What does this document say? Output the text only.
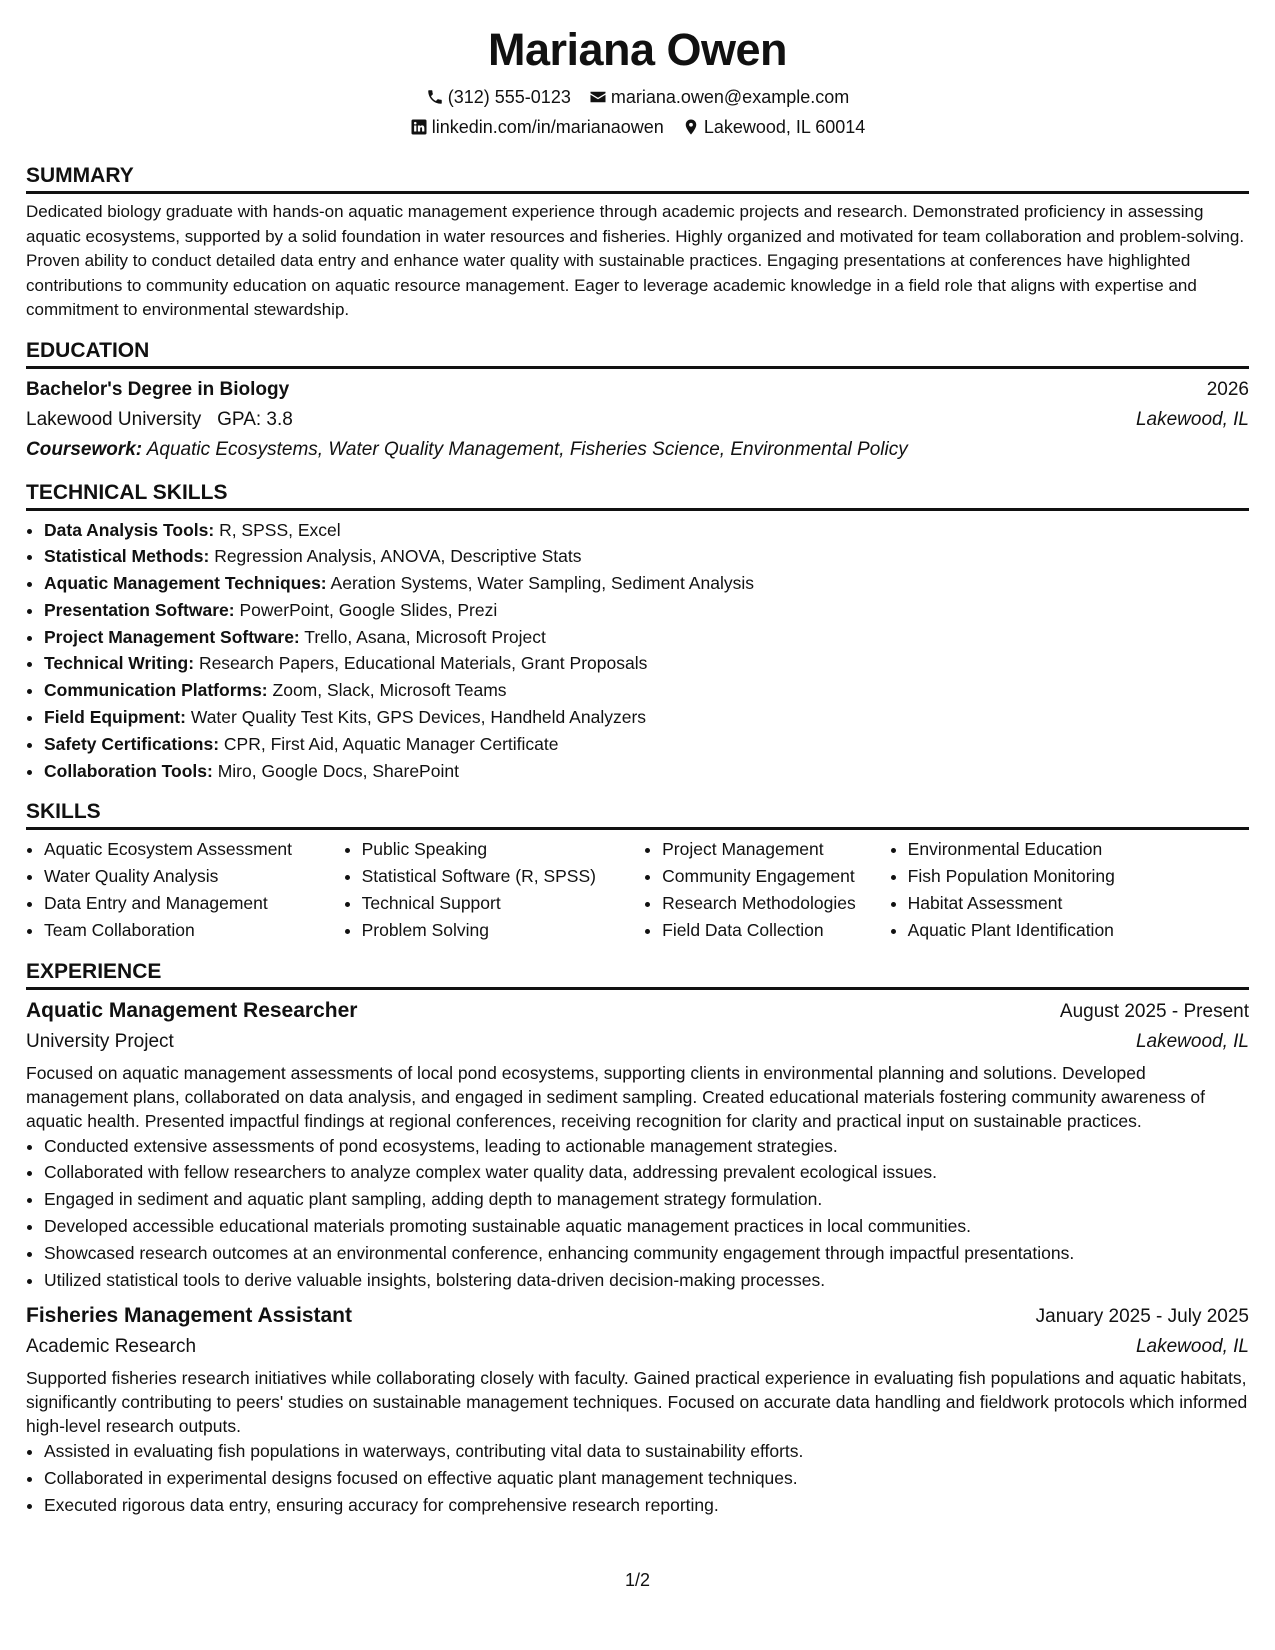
Mariana Owen
(312) 555-0123 mariana.owen@example.com
linkedin.com/in/marianaowen Lakewood, IL 60014
SUMMARY

Dedicated biology graduate with hands-on aquatic management experience through academic projects and research. Demonstrated proficiency in assessing aquatic ecosystems, supported by a solid foundation in water resources and fisheries. Highly organized and motivated for team collaboration and problem-solving. Proven ability to conduct detailed data entry and enhance water quality with sustainable practices. Engaging presentations at conferences have highlighted contributions to community education on aquatic resource management. Eager to leverage academic knowledge in a field role that aligns with expertise and commitment to environmental stewardship.

EDUCATION
Bachelor's Degree in Biology	2026
Lakewood University GPA: 3.8	Lakewood, IL
Coursework: Aquatic Ecosystems, Water Quality Management, Fisheries Science, Environmental Policy
TECHNICAL SKILLS
• Data Analysis Tools: R, SPSS, Excel
• Statistical Methods: Regression Analysis, ANOVA, Descriptive Stats
• Aquatic Management Techniques: Aeration Systems, Water Sampling, Sediment Analysis
• Presentation Software: PowerPoint, Google Slides, Prezi
• Project Management Software: Trello, Asana, Microsoft Project
• Technical Writing: Research Papers, Educational Materials, Grant Proposals
• Communication Platforms: Zoom, Slack, Microsoft Teams
• Field Equipment: Water Quality Test Kits, GPS Devices, Handheld Analyzers
• Safety Certifications: CPR, First Aid, Aquatic Manager Certificate
• Collaboration Tools: Miro, Google Docs, SharePoint
SKILLS
• Aquatic Ecosystem Assessment
• Water Quality Analysis
• Data Entry and Management
• Team Collaboration
• Public Speaking
• Statistical Software (R, SPSS)
• Technical Support
• Problem Solving
• Project Management
• Community Engagement
• Research Methodologies
• Field Data Collection
• Environmental Education
• Fish Population Monitoring
• Habitat Assessment
• Aquatic Plant Identification
EXPERIENCE
Aquatic Management Researcher	August 2025 - Present
University Project	Lakewood, IL

Focused on aquatic management assessments of local pond ecosystems, supporting clients in environmental planning and solutions. Developed management plans, collaborated on data analysis, and engaged in sediment sampling. Created educational materials fostering community awareness of aquatic health. Presented impactful findings at regional conferences, receiving recognition for clarity and practical input on sustainable practices.

• Conducted extensive assessments of pond ecosystems, leading to actionable management strategies.
• Collaborated with fellow researchers to analyze complex water quality data, addressing prevalent ecological issues.
• Engaged in sediment and aquatic plant sampling, adding depth to management strategy formulation.
• Developed accessible educational materials promoting sustainable aquatic management practices in local communities.
• Showcased research outcomes at an environmental conference, enhancing community engagement through impactful presentations.
• Utilized statistical tools to derive valuable insights, bolstering data-driven decision-making processes.
Fisheries Management Assistant	January 2025 - July 2025
Academic Research	Lakewood, IL

Supported fisheries research initiatives while collaborating closely with faculty. Gained practical experience in evaluating fish populations and aquatic habitats, significantly contributing to peers' studies on sustainable management techniques. Focused on accurate data handling and fieldwork protocols which informed high-level research outputs.

• Assisted in evaluating fish populations in waterways, contributing vital data to sustainability efforts.
• Collaborated in experimental designs focused on effective aquatic plant management techniques.
• Executed rigorous data entry, ensuring accuracy for comprehensive research reporting.
1/2
